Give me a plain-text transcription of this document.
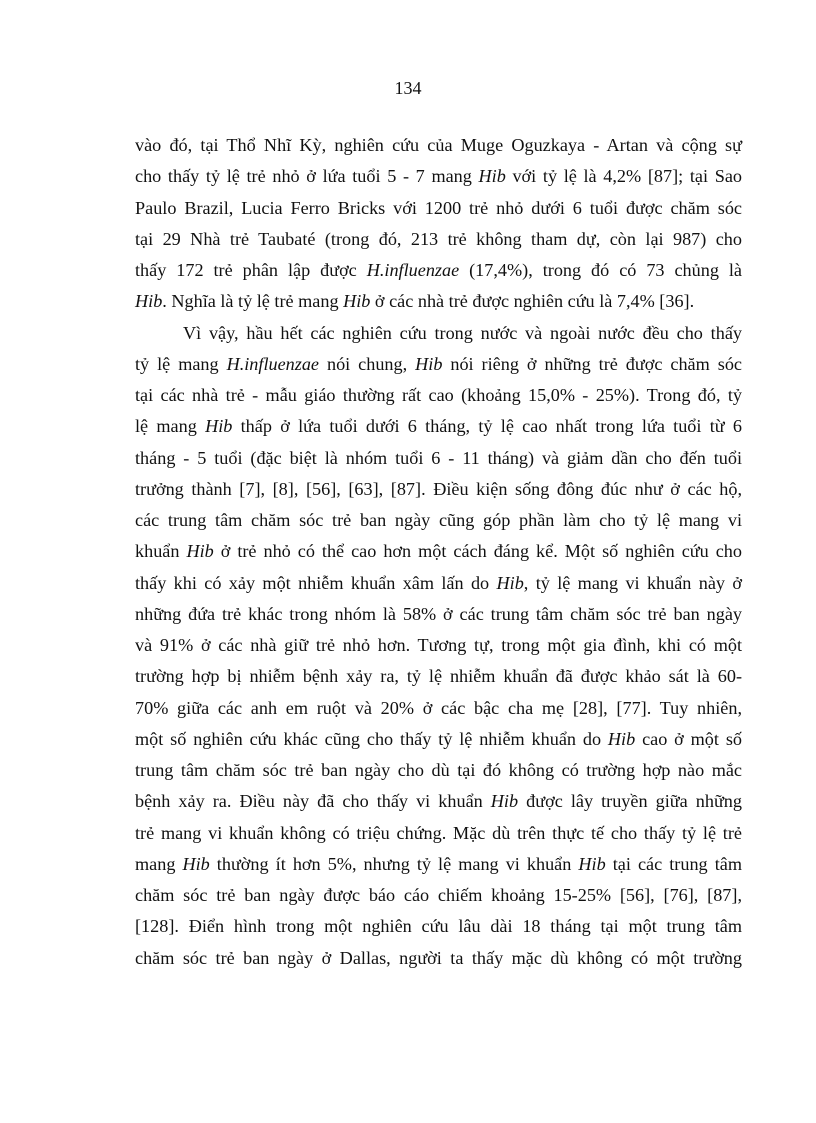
134
vào đó, tại Thổ Nhĩ Kỳ, nghiên cứu của Muge Oguzkaya - Artan và cộng sự
cho thấy tỷ lệ trẻ nhỏ ở lứa tuổi 5 - 7 mang Hib với tỷ lệ là 4,2% [87]; tại Sao
Paulo Brazil, Lucia Ferro Bricks với 1200 trẻ nhỏ dưới 6 tuổi được chăm sóc
tại 29 Nhà trẻ Taubaté (trong đó, 213 trẻ không tham dự, còn lại 987) cho
thấy 172 trẻ phân lập được H.influenzae (17,4%), trong đó có 73 chủng là
Hib. Nghĩa là tỷ lệ trẻ mang Hib ở các nhà trẻ được nghiên cứu là 7,4% [36].
Vì vậy, hầu hết các nghiên cứu trong nước và ngoài nước đều cho thấy
tỷ lệ mang H.influenzae nói chung, Hib nói riêng ở những trẻ được chăm sóc
tại các nhà trẻ - mẫu giáo thường rất cao (khoảng 15,0% - 25%). Trong đó, tỷ
lệ mang Hib thấp ở lứa tuổi dưới 6 tháng, tỷ lệ cao nhất trong lứa tuổi từ 6
tháng - 5 tuổi (đặc biệt là nhóm tuổi 6 - 11 tháng) và giảm dần cho đến tuổi
trưởng thành [7], [8], [56], [63], [87]. Điều kiện sống đông đúc như ở các hộ,
các trung tâm chăm sóc trẻ ban ngày cũng góp phần làm cho tỷ lệ mang vi
khuẩn Hib ở trẻ nhỏ có thể cao hơn một cách đáng kể. Một số nghiên cứu cho
thấy khi có xảy một nhiễm khuẩn xâm lấn do Hib, tỷ lệ mang vi khuẩn này ở
những đứa trẻ khác trong nhóm là 58% ở các trung tâm chăm sóc trẻ ban ngày
và 91% ở các nhà giữ trẻ nhỏ hơn. Tương tự, trong một gia đình, khi có một
trường hợp bị nhiễm bệnh xảy ra, tỷ lệ nhiễm khuẩn đã được khảo sát là 60-
70% giữa các anh em ruột và 20% ở các bậc cha mẹ [28], [77]. Tuy nhiên,
một số nghiên cứu khác cũng cho thấy tỷ lệ nhiễm khuẩn do Hib cao ở một số
trung tâm chăm sóc trẻ ban ngày cho dù tại đó không có trường hợp nào mắc
bệnh xảy ra. Điều này đã cho thấy vi khuẩn Hib được lây truyền giữa những
trẻ mang vi khuẩn không có triệu chứng. Mặc dù trên thực tế cho thấy tỷ lệ trẻ
mang Hib thường ít hơn 5%, nhưng tỷ lệ mang vi khuẩn Hib tại các trung tâm
chăm sóc trẻ ban ngày được báo cáo chiếm khoảng 15-25% [56], [76], [87],
[128]. Điển hình trong một nghiên cứu lâu dài 18 tháng tại một trung tâm
chăm sóc trẻ ban ngày ở Dallas, người ta thấy mặc dù không có một trường
